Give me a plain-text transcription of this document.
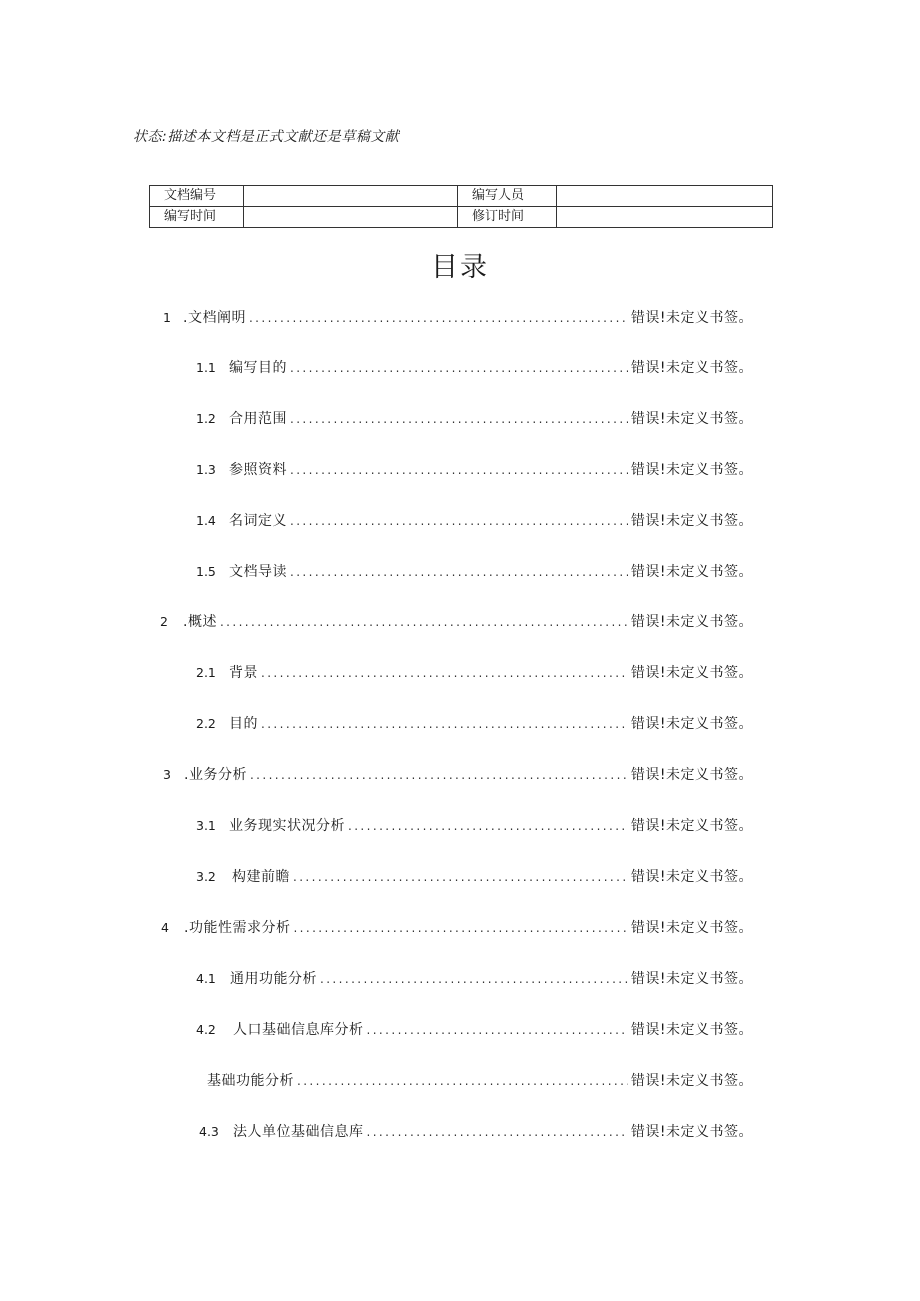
状态:描述本文档是正式文献还是草稿文献
文档编号		编写人员	
编写时间		修订时间	
目录
1 .文档阐明 .....	错误!未定义书签。
1.1 编写目的 .....	错误!未定义书签。
1.2 合用范围 .....	错误!未定义书签。
1.3 参照资料 .....	错误!未定义书签。
1.4 名词定义 .....	错误!未定义书签。
1.5 文档导读 .....	错误!未定义书签。
2	.概述 .....	错误!未定义书签。
2.1 背景 .....	错误!未定义书签。
2.2 目的 .....	错误!未定义书签。
3 .业务分析 .....	错误!未定义书签。
3.1 业务现实状况分析 .....	错误!未定义书签。
3.2	构建前瞻 .....	错误!未定义书签。
4	.功能性需求分析 .....	错误!未定义书签。
4.1	通用功能分析 .....	错误!未定义书签。
4.2	人口基础信息库分析 .....	错误!未定义书签。
基础功能分析 .....	错误!未定义书签。
4.3	法人单位基础信息库 .....	错误!未定义书签。
